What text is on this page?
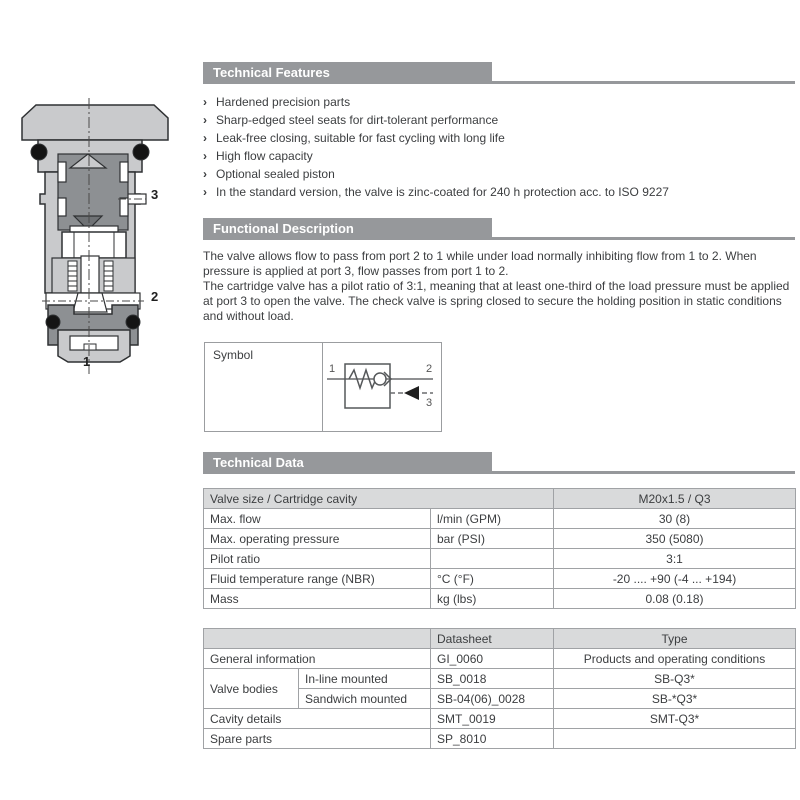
3
2
1
Technical Features
› Hardened precision parts
› Sharp-edged steel seats for dirt-tolerant performance
› Leak-free closing, suitable for fast cycling with long life
› High flow capacity
› Optional sealed piston
› In the standard version, the valve is zinc-coated for 240 h protection acc. to ISO 9227
Functional Description

The valve allows flow to pass from port 2 to 1 while under load normally inhibiting flow from 1 to 2. When pressure is applied at port 3, flow passes from port 1 to 2.

The cartridge valve has a pilot ratio of 3:1, meaning that at least one-third of the load pressure must be applied at port 3 to open the valve. The check valve is spring closed to secure the holding position in static conditions and without load.

Symbol
1	2
3
Technical Data
Valve size / Cartridge cavity		M20x1.5 / Q3
Max. flow	l/min (GPM)	30 (8)
Max. operating pressure	bar (PSI)	350 (5080)
Pilot ratio		3:1
Fluid temperature range (NBR)	°C (°F)	-20 .... +90 (-4 ... +194)
Mass	kg (lbs)	0.08 (0.18)
		Datasheet	Type
General information		GI_0060	Products and operating conditions
Valve bodies	In-line mounted	SB_0018	SB-Q3*
	Sandwich mounted	SB-04(06)_0028	SB-*Q3*
Cavity details		SMT_0019	SMT-Q3*
Spare parts		SP_8010	
